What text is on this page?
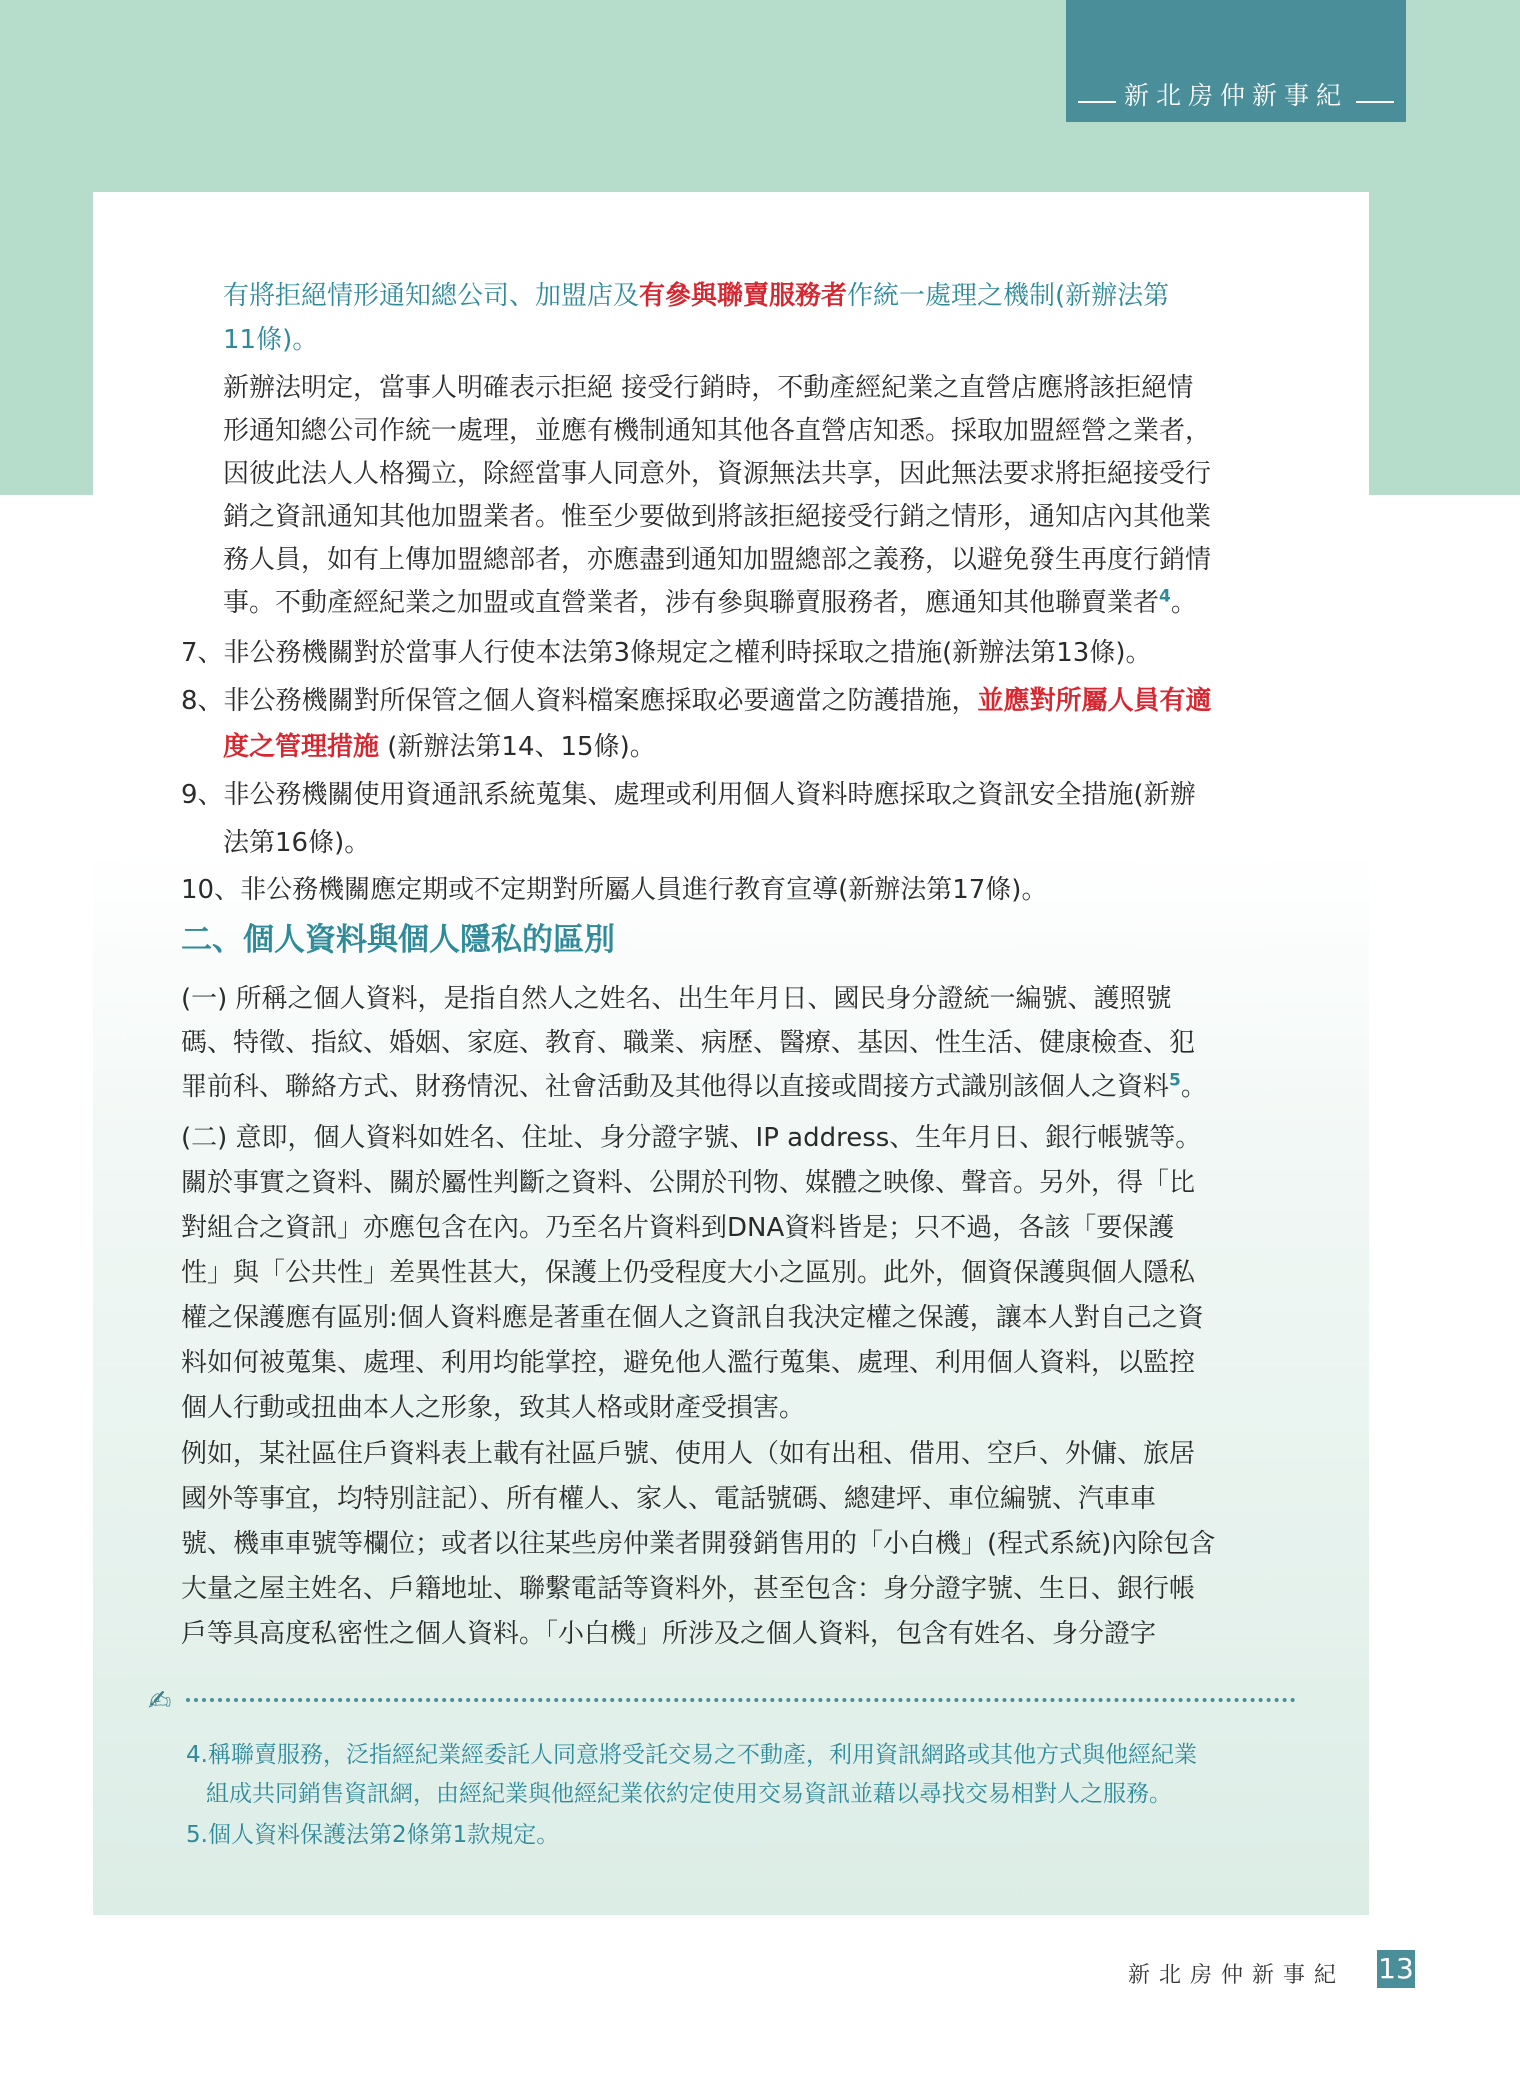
新北房仲新事紀

有將拒絕情形通知總公司、加盟店及有參與聯賣服務者作統一處理之機制(新辦法第

11條)。

新辦法明定，當事人明確表示拒絕 接受行銷時，不動產經紀業之直營店應將該拒絕情

形通知總公司作統一處理，並應有機制通知其他各直營店知悉。採取加盟經營之業者，

因彼此法人人格獨立，除經當事人同意外，資源無法共享，因此無法要求將拒絕接受行

銷之資訊通知其他加盟業者。惟至少要做到將該拒絕接受行銷之情形，通知店內其他業

務人員，如有上傳加盟總部者，亦應盡到通知加盟總部之義務，以避免發生再度行銷情

事。不動產經紀業之加盟或直營業者，涉有參與聯賣服務者，應通知其他聯賣業者$^4$。

7、非公務機關對於當事人行使本法第3條規定之權利時採取之措施(新辦法第13條)。

8、非公務機關對所保管之個人資料檔案應採取必要適當之防護措施，並應對所屬人員有適

度之管理措施 (新辦法第14、15條)。

9、非公務機關使用資通訊系統蒐集、處理或利用個人資料時應採取之資訊安全措施(新辦

法第16條)。

10、非公務機關應定期或不定期對所屬人員進行教育宣導(新辦法第17條)。

二、個人資料與個人隱私的區別

(一) 所稱之個人資料，是指自然人之姓名、出生年月日、國民身分證統一編號、護照號

碼、特徵、指紋、婚姻、家庭、教育、職業、病歷、醫療、基因、性生活、健康檢查、犯

罪前科、聯絡方式、財務情況、社會活動及其他得以直接或間接方式識別該個人之資料$^5$。

(二) 意即，個人資料如姓名、住址、身分證字號、IP address、生年月日、銀行帳號等。

關於事實之資料、關於屬性判斷之資料、公開於刊物、媒體之映像、聲音。另外，得「比

對組合之資訊」亦應包含在內。乃至名片資料到DNA資料皆是；只不過，各該「要保護

性」與「公共性」差異性甚大，保護上仍受程度大小之區別。此外，個資保護與個人隱私

權之保護應有區別:個人資料應是著重在個人之資訊自我決定權之保護，讓本人對自己之資

料如何被蒐集、處理、利用均能掌控，避免他人濫行蒐集、處理、利用個人資料，以監控

個人行動或扭曲本人之形象，致其人格或財產受損害。

例如，某社區住戶資料表上載有社區戶號、使用人（如有出租、借用、空戶、外傭、旅居

國外等事宜，均特別註記）、所有權人、家人、電話號碼、總建坪、車位編號、汽車車

號、機車車號等欄位；或者以往某些房仲業者開發銷售用的「小白機」(程式系統)內除包含

大量之屋主姓名、戶籍地址、聯繫電話等資料外，甚至包含：身分證字號、生日、銀行帳

戶等具高度私密性之個人資料。「小白機」所涉及之個人資料，包含有姓名、身分證字

✍
4.稱聯賣服務，泛指經紀業經委託人同意將受託交易之不動產，利用資訊網路或其他方式與他經紀業
組成共同銷售資訊網，由經紀業與他經紀業依約定使用交易資訊並藉以尋找交易相對人之服務。
5.個人資料保護法第2條第1款規定。
新北房仲新事紀 13
